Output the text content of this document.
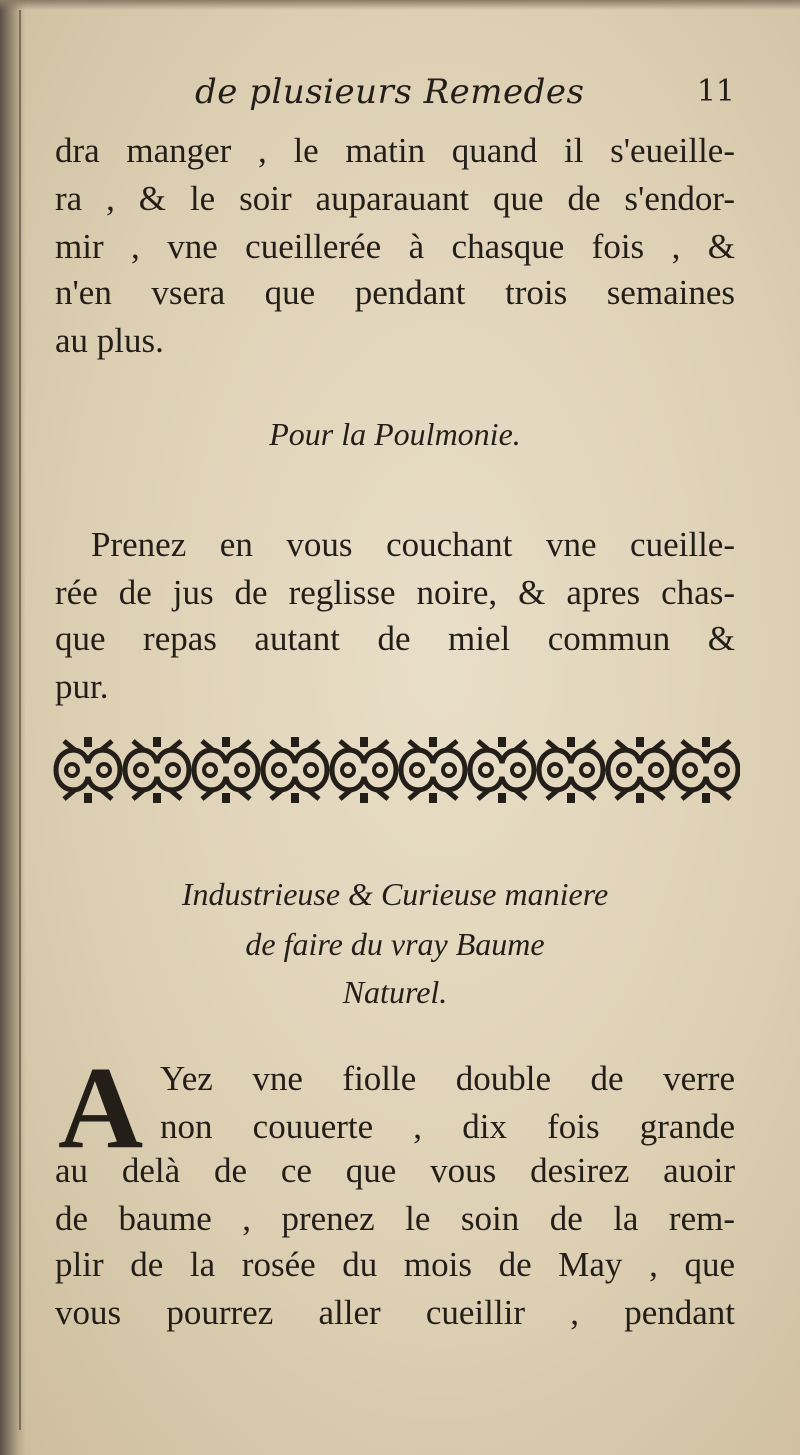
de plusieurs Remedes	11
dra manger , le matin quand il s'eueille-
ra , & le soir auparauant que de s'endor-
mir , vne cueillerée à chasque fois , &
n'en vsera que pendant trois semaines
au plus.
Pour la Poulmonie.
Prenez en vous couchant vne cueille-
rée de jus de reglisse noire, & apres chas-
que repas autant de miel commun &
pur.
Industrieuse & Curieuse maniere
de faire du vray Baume
Naturel.
A Yez vne fiolle double de verre
non couuerte , dix fois grande
au delà de ce que vous desirez auoir
de baume , prenez le soin de la rem-
plir de la rosée du mois de May , que
vous pourrez aller cueillir , pendant
